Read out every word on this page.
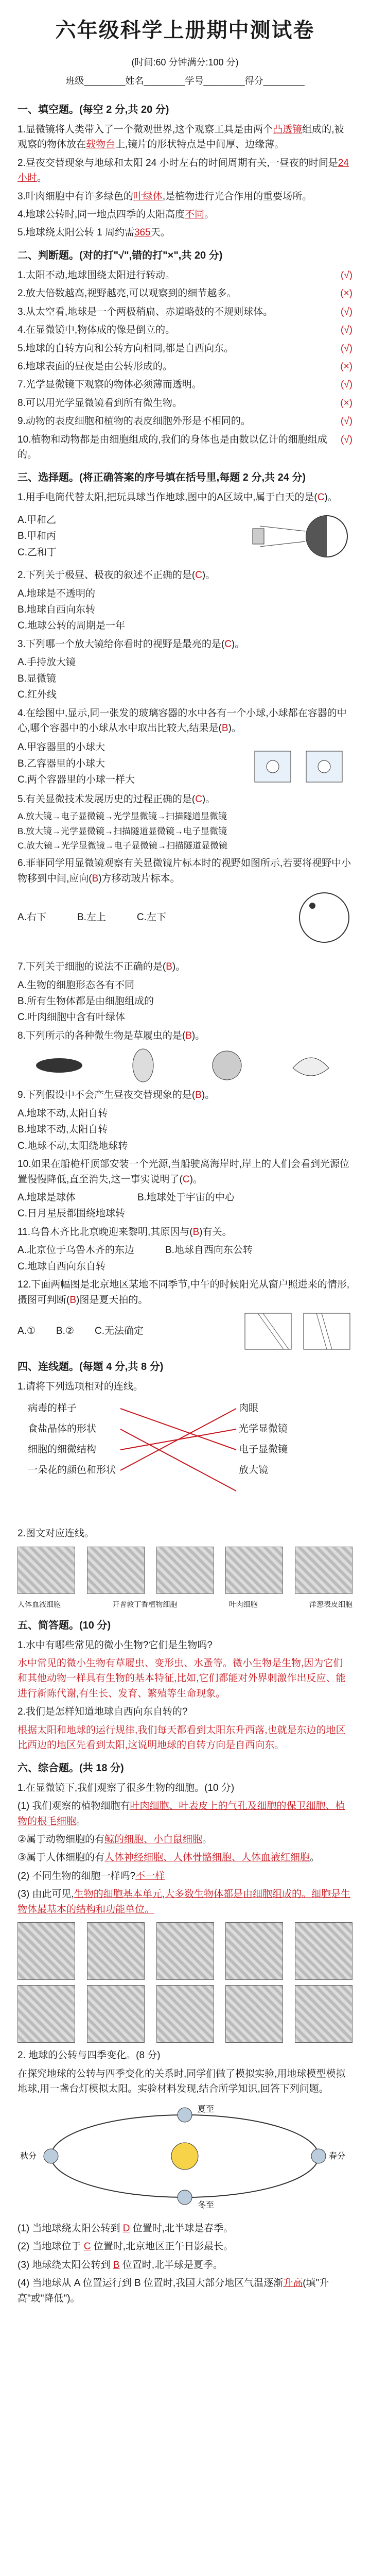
六年级科学上册期中测试卷
(时间:60 分钟满分:100 分)
班级________姓名________学号________得分________
一、填空题。(每空 2 分,共 20 分)
1.显微镜将人类带入了一个微观世界,这个观察工具是由两个凸透镜组成的,被观察的物体放在载物台上,镜片的形状特点是中间厚、边缘薄。
2.昼夜交替现象与地球和太阳 24 小时左右的时间周期有关,一昼夜的时间是24 小时。
3.叶肉细胞中有许多绿色的叶绿体,是植物进行光合作用的重要场所。
4.地球公转时,同一地点四季的太阳高度不同。
5.地球绕太阳公转 1 周约需365天。
二、判断题。(对的打"√",错的打"×",共 20 分)
1.太阳不动,地球围绕太阳进行转动。	(√)
2.放大倍数越高,视野越亮,可以观察到的细节越多。	(×)
3.从太空看,地球是一个两极稍扁、赤道略鼓的不规则球体。	(√)
4.在显微镜中,物体成的像是倒立的。	(√)
5.地球的自转方向和公转方向相同,都是自西向东。	(√)
6.地球表面的昼夜是由公转形成的。	(×)
7.光学显微镜下观察的物体必须薄而透明。	(√)
8.可以用光学显微镜看到所有微生物。	(×)
9.动物的表皮细胞和植物的表皮细胞外形是不相同的。	(√)
10.植物和动物都是由细胞组成的,我们的身体也是由数以亿计的细胞组成的。
(√)
三、选择题。(将正确答案的序号填在括号里,每题 2 分,共 24 分)
1.用手电筒代替太阳,把玩具球当作地球,图中的A区域中,属于白天的是(C)。
A.甲和乙
B.甲和丙
C.乙和丁
2.下列关于极昼、极夜的叙述不正确的是(C)。
A.地球是不透明的
B.地球自西向东转
C.地球公转的周期是一年
3.下列哪一个放大镜给你看时的视野是最亮的是(C)。
A.手持放大镜
B.显微镜
C.红外线
4.在绘图中,显示,同一张发的玻璃容器的水中各有一个小球,小球都在容器的中心,哪个容器中的小球从水中取出比较大,结果是(B)。
A.甲容器里的小球大
B.乙容器里的小球大
C.两个容器里的小球一样大
5.有关显微技术发展历史的过程正确的是(C)。
A.放大镜→电子显微镜→光学显微镜→扫描隧道显微镜
B.放大镜→光学显微镜→扫描隧道显微镜→电子显微镜
C.放大镜→光学显微镜→电子显微镜→扫描隧道显微镜
6.菲菲同学用显微镜观察有关显微镜片标本时的视野如图所示,若要将视野中小物移到中间,应向(B)方移动玻片标本。
A.右下	B.左上	C.左下
7.下列关于细胞的说法不正确的是(B)。
A.生物的细胞形态各有不同
B.所有生物体都是由细胞组成的
C.叶肉细胞中含有叶绿体
8.下列所示的各种微生物是草履虫的是(B)。
9.下列假设中不会产生昼夜交替现象的是(B)。
A.地球不动,太阳自转
B.地球不动,太阳自转
C.地球不动,太阳绕地球转
10.如果在船桅杆顶部安装一个光源,当船驶离海岸时,岸上的人们会看到光源位置慢慢降低,直至消失,这一事实说明了(C)。
A.地球是球体	B.地球处于宇宙的中心
C.日月星辰都围绕地球转
11.乌鲁木齐比北京晚迎来黎明,其原因与(B)有关。
A.北京位于乌鲁木齐的东边	B.地球自西向东公转
C.地球自西向东自转
12.下面两幅图是北京地区某地不同季节,中午的时候阳光从窗户照进来的情形,摄图可判断(B)图是夏天拍的。
A.① B.② C.无法确定
四、连线题。(每题 4 分,共 8 分)
1.请将下列选项相对的连线。
病毒的样子
食盐晶体的形状
细胞的细微结构
一朵花的颜色和形状
肉眼
光学显微镜
电子显微镜
放大镜
2.图文对应连线。
人体血液细胞	开普敦丁香植物细胞	叶肉细胞	洋葱表皮细胞
五、简答题。(10 分)
1.水中有哪些常见的微小生物?它们是生物吗?
水中常见的微小生物有草履虫、变形虫、水蚤等。微小生物是生物,因为它们和其他动物一样具有生物的基本特征,比如,它们都能对外界刺激作出反应、能进行新陈代谢,有生长、发育、繁殖等生命现象。
2.我们是怎样知道地球自西向东自转的?
根据太阳和地球的运行规律,我们每天都看到太阳东升西落,也就是东边的地区比西边的地区先看到太阳,这说明地球的自转方向是自西向东。
六、综合题。(共 18 分)
1.在显微镜下,我们观察了很多生物的细胞。(10 分)
(1) 我们观察的植物细胞有叶肉细胞、叶表皮上的气孔及细胞的保卫细胞、植物的根毛细胞。
②属于动物细胞的有鲸的细胞、小白鼠细胞。
③属于人体细胞的有人体神经细胞、人体骨骼细胞、人体血液红细胞。
(2) 不同生物的细胞一样吗?不一样
(3) 由此可见,生物的细胞基本单元,大多数生物体都是由细胞组成的。细胞是生物体最基本的结构和功能单位。
2. 地球的公转与四季变化。(8 分)
在探究地球的公转与四季变化的关系时,同学们做了模拟实验,用地球模型模拟地球,用一盏台灯模拟太阳。实验材料发现,结合所学知识,回答下列问题。
夏至
春分
冬至
秋分
(1) 当地球绕太阳公转到 D 位置时,北半球是春季。
(2) 当地球位于 C 位置时,北京地区正午日影最长。
(3) 地球绕太阳公转到 B 位置时,北半球是夏季。
(4) 当地球从 A 位置运行到 B 位置时,我国大部分地区气温逐渐升高(填"升高"或"降低")。
